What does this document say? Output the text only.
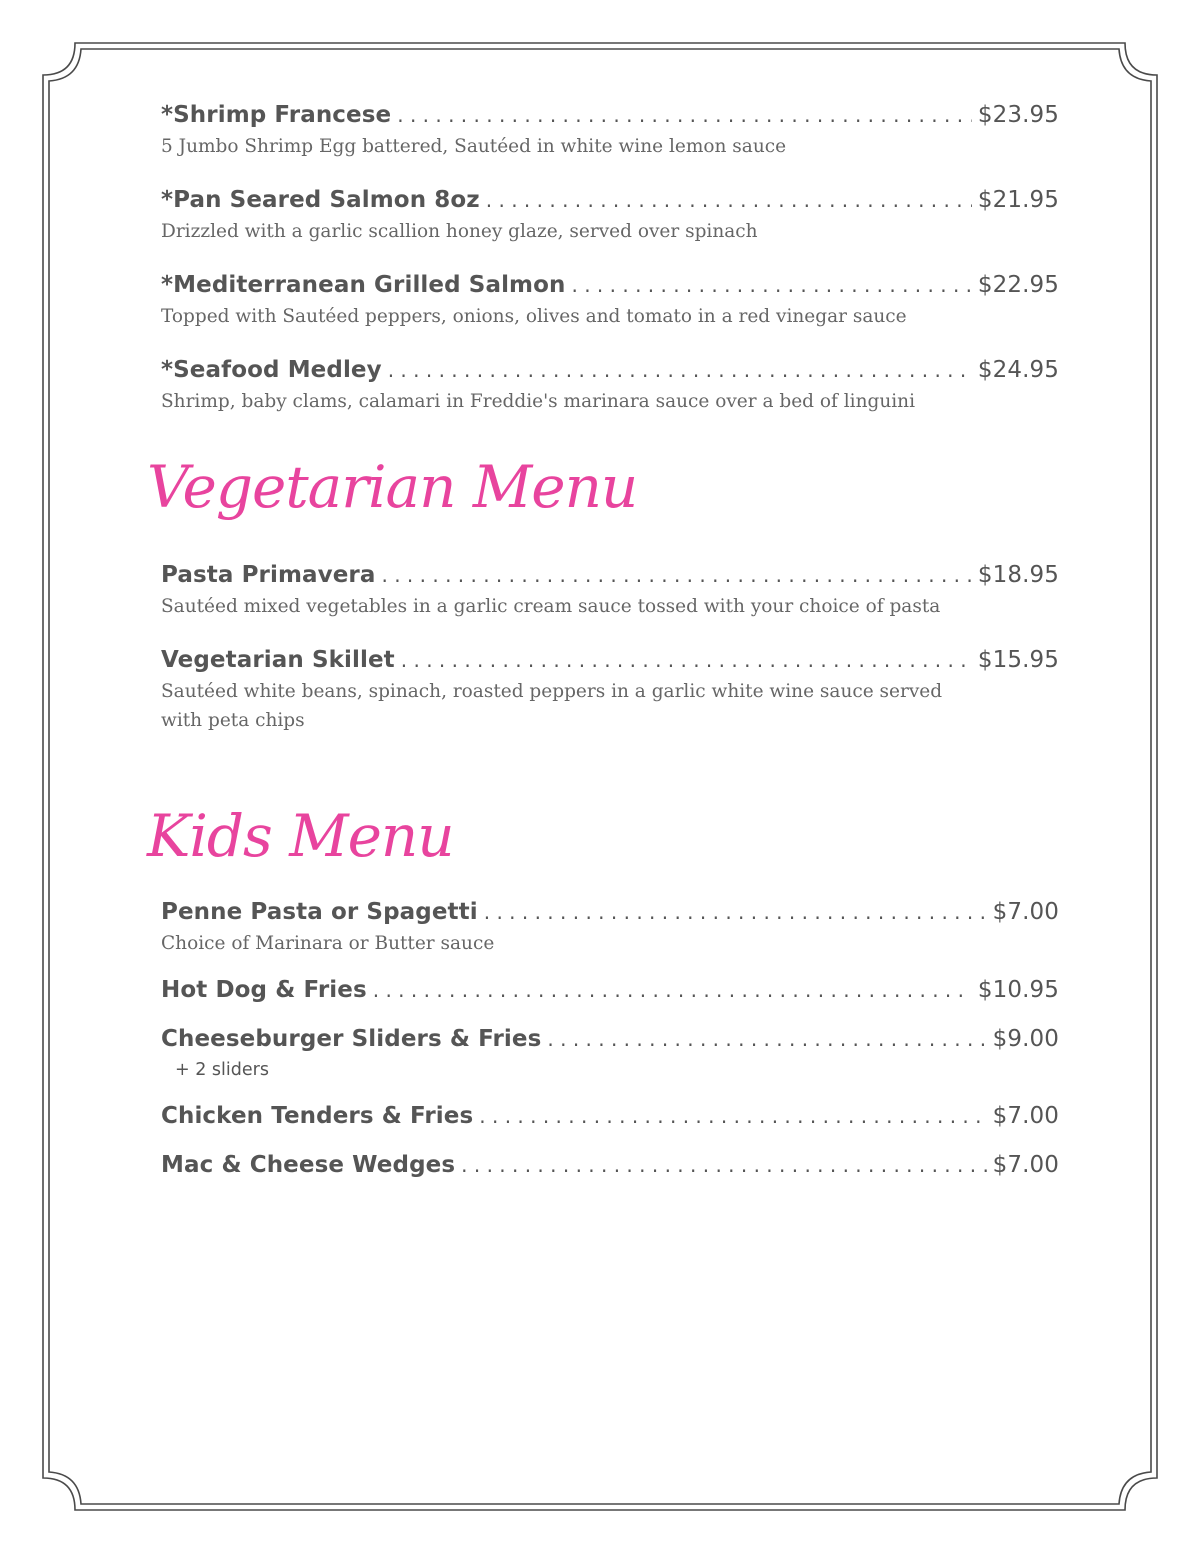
*Shrimp Francese . . .	$23.95
5 Jumbo Shrimp Egg battered, Sautéed in white wine lemon sauce
*Pan Seared Salmon 8oz . . .	$21.95
Drizzled with a garlic scallion honey glaze, served over spinach
*Mediterranean Grilled Salmon . . .	$22.95
Topped with Sautéed peppers, onions, olives and tomato in a red vinegar sauce
*Seafood Medley . . .	$24.95
Shrimp, baby clams, calamari in Freddie's marinara sauce over a bed of linguini
Vegetarian Menu
Pasta Primavera . . .	$18.95
Sautéed mixed vegetables in a garlic cream sauce tossed with your choice of pasta
Vegetarian Skillet . . .	$15.95
Sautéed white beans, spinach, roasted peppers in a garlic white wine sauce served with peta chips
Kids Menu
Penne Pasta or Spagetti . . .	$7.00
Choice of Marinara or Butter sauce
Hot Dog & Fries . . .	$10.95
Cheeseburger Sliders & Fries . . .	$9.00
+ 2 sliders
Chicken Tenders & Fries . . .	$7.00
Mac & Cheese Wedges . . .	$7.00
